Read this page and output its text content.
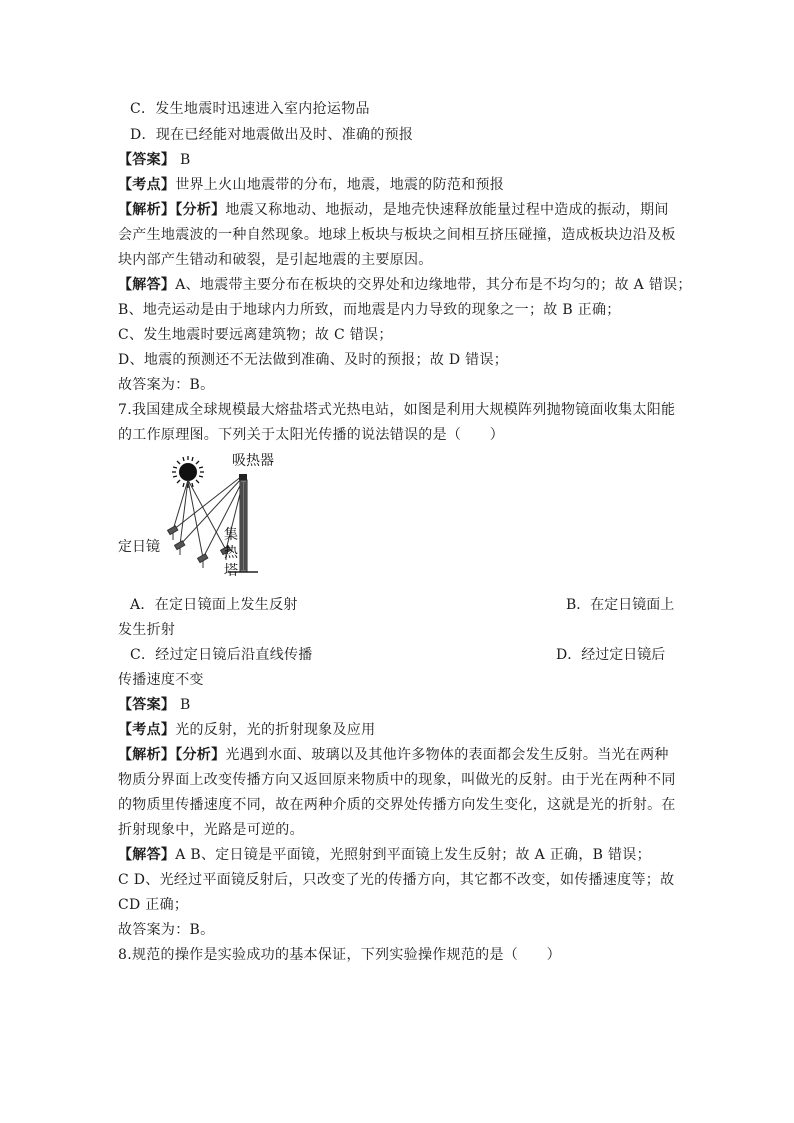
C．发生地震时迅速进入室内抢运物品
D．现在已经能对地震做出及时、准确的预报
【答案】 B
【考点】世界上火山地震带的分布，地震，地震的防范和预报
【解析】【分析】地震又称地动、地振动，是地壳快速释放能量过程中造成的振动，期间
会产生地震波的一种自然现象。地球上板块与板块之间相互挤压碰撞，造成板块边沿及板
块内部产生错动和破裂，是引起地震的主要原因。
【解答】A、地震带主要分布在板块的交界处和边缘地带，其分布是不均匀的；故 A 错误；
B、地壳运动是由于地球内力所致，而地震是内力导致的现象之一；故 B 正确；
C、发生地震时要远离建筑物；故 C 错误；
D、地震的预测还不无法做到准确、及时的预报；故 D 错误；
故答案为：B。
7.我国建成全球规模最大熔盐塔式光热电站，如图是利用大规模阵列抛物镜面收集太阳能
的工作原理图。下列关于太阳光传播的说法错误的是（　　）
吸热器
定日镜
集
热
塔
A．在定日镜面上发生反射	B．在定日镜面上
发生折射
C．经过定日镜后沿直线传播	D．经过定日镜后
传播速度不变
【答案】 B
【考点】光的反射，光的折射现象及应用
【解析】【分析】光遇到水面、玻璃以及其他许多物体的表面都会发生反射。当光在两种
物质分界面上改变传播方向又返回原来物质中的现象，叫做光的反射。由于光在两种不同
的物质里传播速度不同，故在两种介质的交界处传播方向发生变化，这就是光的折射。在
折射现象中，光路是可逆的。
【解答】A B、定日镜是平面镜，光照射到平面镜上发生反射；故 A 正确，B 错误；
C D、光经过平面镜反射后，只改变了光的传播方向，其它都不改变，如传播速度等；故
CD 正确；
故答案为：B。
8.规范的操作是实验成功的基本保证，下列实验操作规范的是（　　）
